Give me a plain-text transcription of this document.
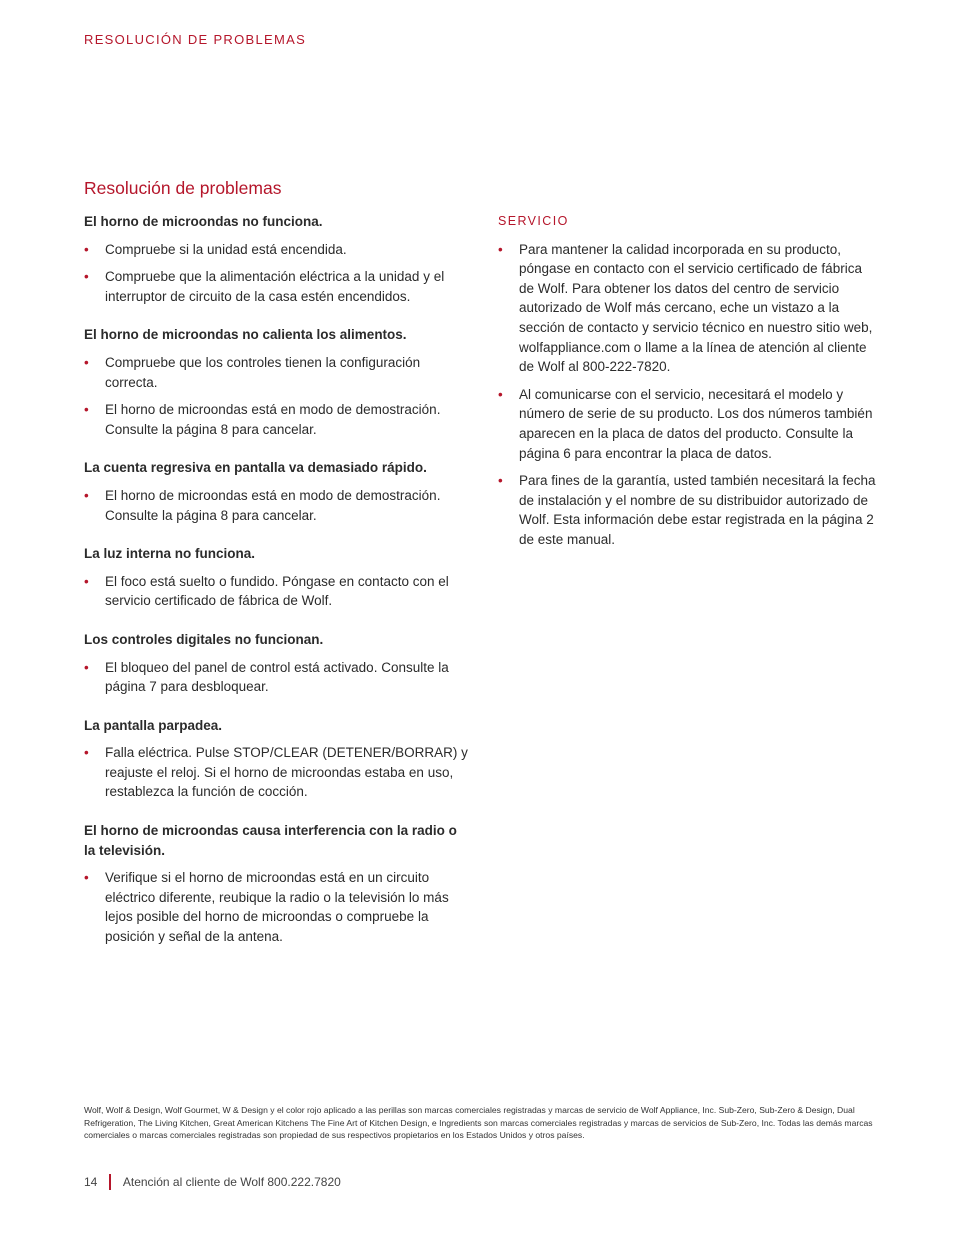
RESOLUCIÓN DE PROBLEMAS
Resolución de problemas

El horno de microondas no funciona.

• Compruebe si la unidad está encendida.
• Compruebe que la alimentación eléctrica a la unidad y el interruptor de circuito de la casa estén encendidos.

El horno de microondas no calienta los alimentos.

• Compruebe que los controles tienen la configuración correcta.
• El horno de microondas está en modo de demostración. Consulte la página 8 para cancelar.

La cuenta regresiva en pantalla va demasiado rápido.

• El horno de microondas está en modo de demostración. Consulte la página 8 para cancelar.

La luz interna no funciona.

• El foco está suelto o fundido. Póngase en contacto con el servicio certificado de fábrica de Wolf.

Los controles digitales no funcionan.

• El bloqueo del panel de control está activado. Consulte la página 7 para desbloquear.

La pantalla parpadea.

• Falla eléctrica. Pulse STOP/CLEAR (DETENER/BORRAR) y reajuste el reloj. Si el horno de microondas estaba en uso, restablezca la función de cocción.

El horno de microondas causa interferencia con la radio o la televisión.

• Verifique si el horno de microondas está en un circuito eléctrico diferente, reubique la radio o la televisión lo más lejos posible del horno de microondas o compruebe la posición y señal de la antena.

SERVICIO

• Para mantener la calidad incorporada en su producto, póngase en contacto con el servicio certificado de fábrica de Wolf. Para obtener los datos del centro de servicio autorizado de Wolf más cercano, eche un vistazo a la sección de contacto y servicio técnico en nuestro sitio web, wolfappliance.com o llame a la línea de atención al cliente de Wolf al 800-222-7820.
• Al comunicarse con el servicio, necesitará el modelo y número de serie de su producto. Los dos números también aparecen en la placa de datos del producto. Consulte la página 6 para encontrar la placa de datos.
• Para fines de la garantía, usted también necesitará la fecha de instalación y el nombre de su distribuidor autorizado de Wolf. Esta información debe estar registrada en la página 2 de este manual.

Wolf, Wolf & Design, Wolf Gourmet, W & Design y el color rojo aplicado a las perillas son marcas comerciales registradas y marcas de servicio de Wolf Appliance, Inc. Sub-Zero, Sub-Zero & Design, Dual Refrigeration, The Living Kitchen, Great American Kitchens The Fine Art of Kitchen Design, e Ingredients son marcas comerciales registradas y marcas de servicios de Sub-Zero, Inc. Todas las demás marcas comerciales o marcas comerciales registradas son propiedad de sus respectivos propietarios en los Estados Unidos y otros países.

14 Atención al cliente de Wolf 800.222.7820
